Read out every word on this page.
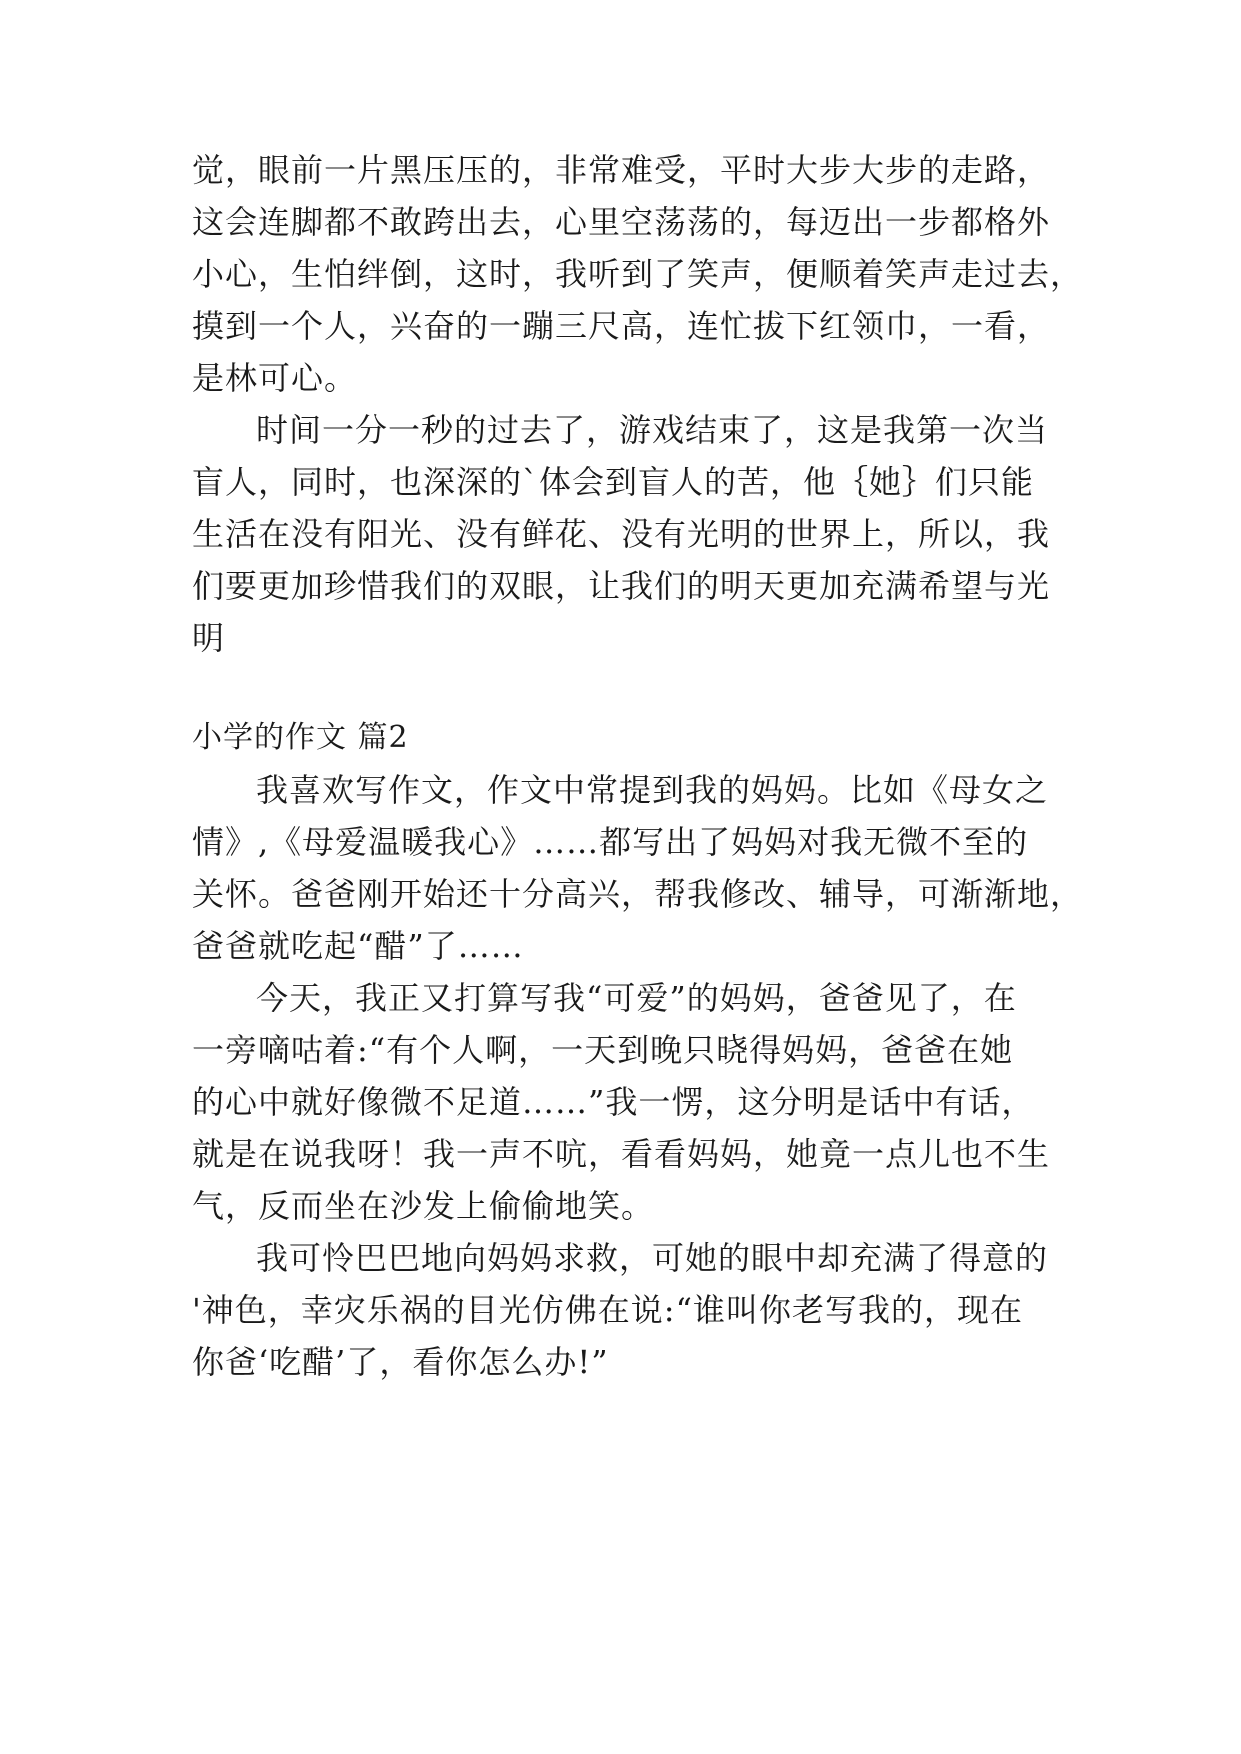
觉，眼前一片黑压压的，非常难受，平时大步大步的走路，
这会连脚都不敢跨出去，心里空荡荡的，每迈出一步都格外
小心，生怕绊倒，这时，我听到了笑声，便顺着笑声走过去，
摸到一个人，兴奋的一蹦三尺高，连忙拔下红领巾，一看，
是林可心。
时间一分一秒的过去了，游戏结束了，这是我第一次当
盲人，同时，也深深的`体会到盲人的苦，他｛她｝们只能
生活在没有阳光、没有鲜花、没有光明的世界上，所以，我
们要更加珍惜我们的双眼，让我们的明天更加充满希望与光
明
小学的作文 篇2
我喜欢写作文，作文中常提到我的妈妈。比如《母女之
情》,《母爱温暖我心》……都写出了妈妈对我无微不至的
关怀。爸爸刚开始还十分高兴，帮我修改、辅导，可渐渐地，
爸爸就吃起“醋”了……
今天，我正又打算写我“可爱”的妈妈，爸爸见了，在
一旁嘀咕着:“有个人啊，一天到晚只晓得妈妈，爸爸在她
的心中就好像微不足道……”我一愣，这分明是话中有话，
就是在说我呀！我一声不吭，看看妈妈，她竟一点儿也不生
气，反而坐在沙发上偷偷地笑。
我可怜巴巴地向妈妈求救，可她的眼中却充满了得意的
'神色，幸灾乐祸的目光仿佛在说:“谁叫你老写我的，现在
你爸‘吃醋’了，看你怎么办!”
